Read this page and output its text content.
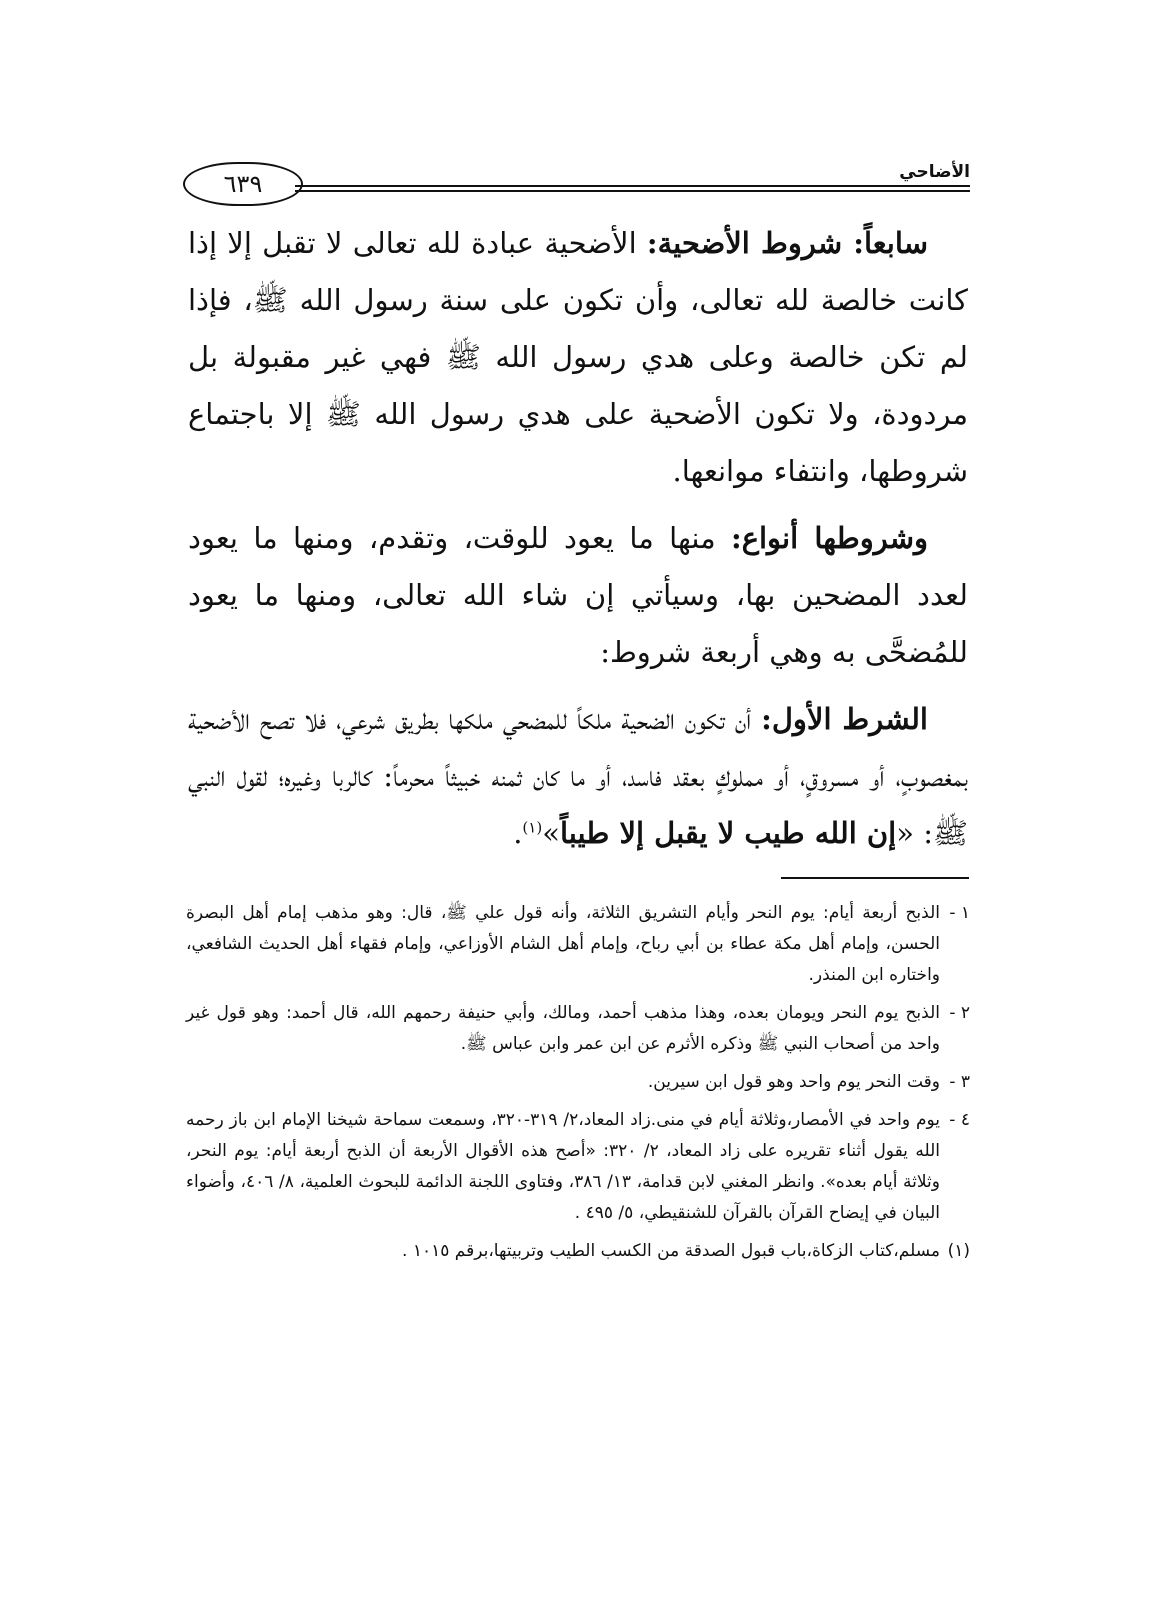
الأضاحي
٦٣٩

سابعاً: شروط الأضحية: الأضحية عبادة لله تعالى لا تقبل إلا إذا كانت خالصة لله تعالى، وأن تكون على سنة رسول الله ﷺ، فإذا لم تكن خالصة وعلى هدي رسول الله ﷺ فهي غير مقبولة بل مردودة، ولا تكون الأضحية على هدي رسول الله ﷺ إلا باجتماع شروطها، وانتفاء موانعها.

وشروطها أنواع: منها ما يعود للوقت، وتقدم، ومنها ما يعود لعدد المضحين بها، وسيأتي إن شاء الله تعالى، ومنها ما يعود للمُضحَّى به وهي أربعة شروط:

الشرط الأول: أن تكون الضحية ملكاً للمضحي ملكها بطريق شرعي، فلا تصح الأضحية بمغصوبٍ، أو مسروقٍ، أو مملوكٍ بعقد فاسد، أو ما كان ثمنه خبيثاً محرماً: كالربا وغيره؛ لقول النبي ﷺ: «إن الله طيب لا يقبل إلا طيباً»$^{(١)}$.

١ -الذبح أربعة أيام: يوم النحر وأيام التشريق الثلاثة، وأنه قول علي ﷺ، قال: وهو مذهب إمام أهل البصرة الحسن، وإمام أهل مكة عطاء بن أبي رباح، وإمام أهل الشام الأوزاعي، وإمام فقهاء أهل الحديث الشافعي، واختاره ابن المنذر.

٢ -الذبح يوم النحر ويومان بعده، وهذا مذهب أحمد، ومالك، وأبي حنيفة رحمهم الله، قال أحمد: وهو قول غير واحد من أصحاب النبي ﷺ وذكره الأثرم عن ابن عمر وابن عباس ﷺ.

٣ -وقت النحر يوم واحد وهو قول ابن سيرين.

٤ -يوم واحد في الأمصار،وثلاثة أيام في منى.زاد المعاد،٢/ ٣١٩-٣٢٠، وسمعت سماحة شيخنا الإمام ابن باز رحمه الله يقول أثناء تقريره على زاد المعاد، ٢/ ٣٢٠: «أصح هذه الأقوال الأربعة أن الذبح أربعة أيام: يوم النحر، وثلاثة أيام بعده». وانظر المغني لابن قدامة، ١٣/ ٣٨٦، وفتاوى اللجنة الدائمة للبحوث العلمية، ٨/ ٤٠٦، وأضواء البيان في إيضاح القرآن بالقرآن للشنقيطي، ٥/ ٤٩٥ .

(١)مسلم،كتاب الزكاة،باب قبول الصدقة من الكسب الطيب وتربيتها،برقم ١٠١٥ .
